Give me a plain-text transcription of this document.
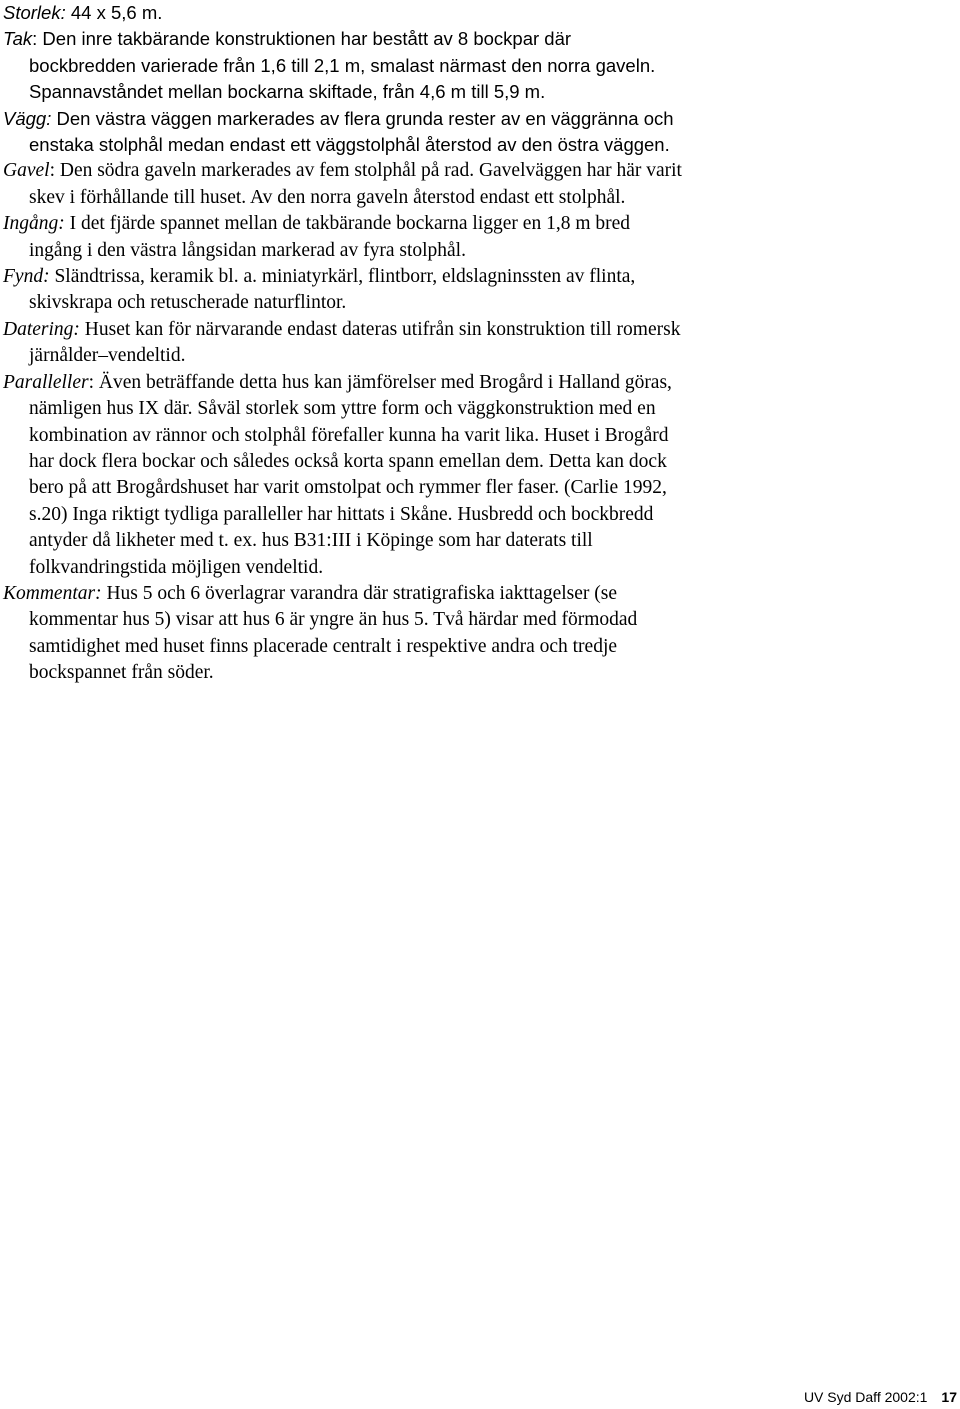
Storlek: 44 x 5,6 m.

Tak: Den inre takbärande konstruktionen har bestått av 8 bockpar där bockbredden varierade från 1,6 till 2,1 m, smalast närmast den norra gaveln. Spannavståndet mellan bockarna skiftade, från 4,6 m till 5,9 m.

Vägg: Den västra väggen markerades av flera grunda rester av en väggränna och enstaka stolphål medan endast ett väggstolphål återstod av den östra väggen.

Gavel: Den södra gaveln markerades av fem stolphål på rad. Gavelväggen har här varit skev i förhållande till huset. Av den norra gaveln återstod endast ett stolphål.

Ingång: I det fjärde spannet mellan de takbärande bockarna ligger en 1,8 m bred ingång i den västra långsidan markerad av fyra stolphål.

Fynd: Sländtrissa, keramik bl. a. miniatyrkärl, flintborr, eldslagninssten av flinta, skivskrapa och retuscherade naturflintor.

Datering: Huset kan för närvarande endast dateras utifrån sin konstruktion till romersk järnålder–vendeltid.

Paralleller: Även beträffande detta hus kan jämförelser med Brogård i Halland göras, nämligen hus IX där. Såväl storlek som yttre form och väggkonstruktion med en kombination av rännor och stolphål förefaller kunna ha varit lika. Huset i Brogård har dock flera bockar och således också korta spann emellan dem. Detta kan dock bero på att Brogårdshuset har varit omstolpat och rymmer fler faser. (Carlie 1992, s.20) Inga riktigt tydliga paralleller har hittats i Skåne. Husbredd och bockbredd antyder då likheter med t. ex. hus B31:III i Köpinge som har daterats till folkvandringstida möjligen vendeltid.

Kommentar: Hus 5 och 6 överlagrar varandra där stratigrafiska iakttagelser (se kommentar hus 5) visar att hus 6 är yngre än hus 5. Två härdar med förmodad samtidighet med huset finns placerade centralt i respektive andra och tredje bockspannet från söder.

UV Syd Daff 2002:1 17
